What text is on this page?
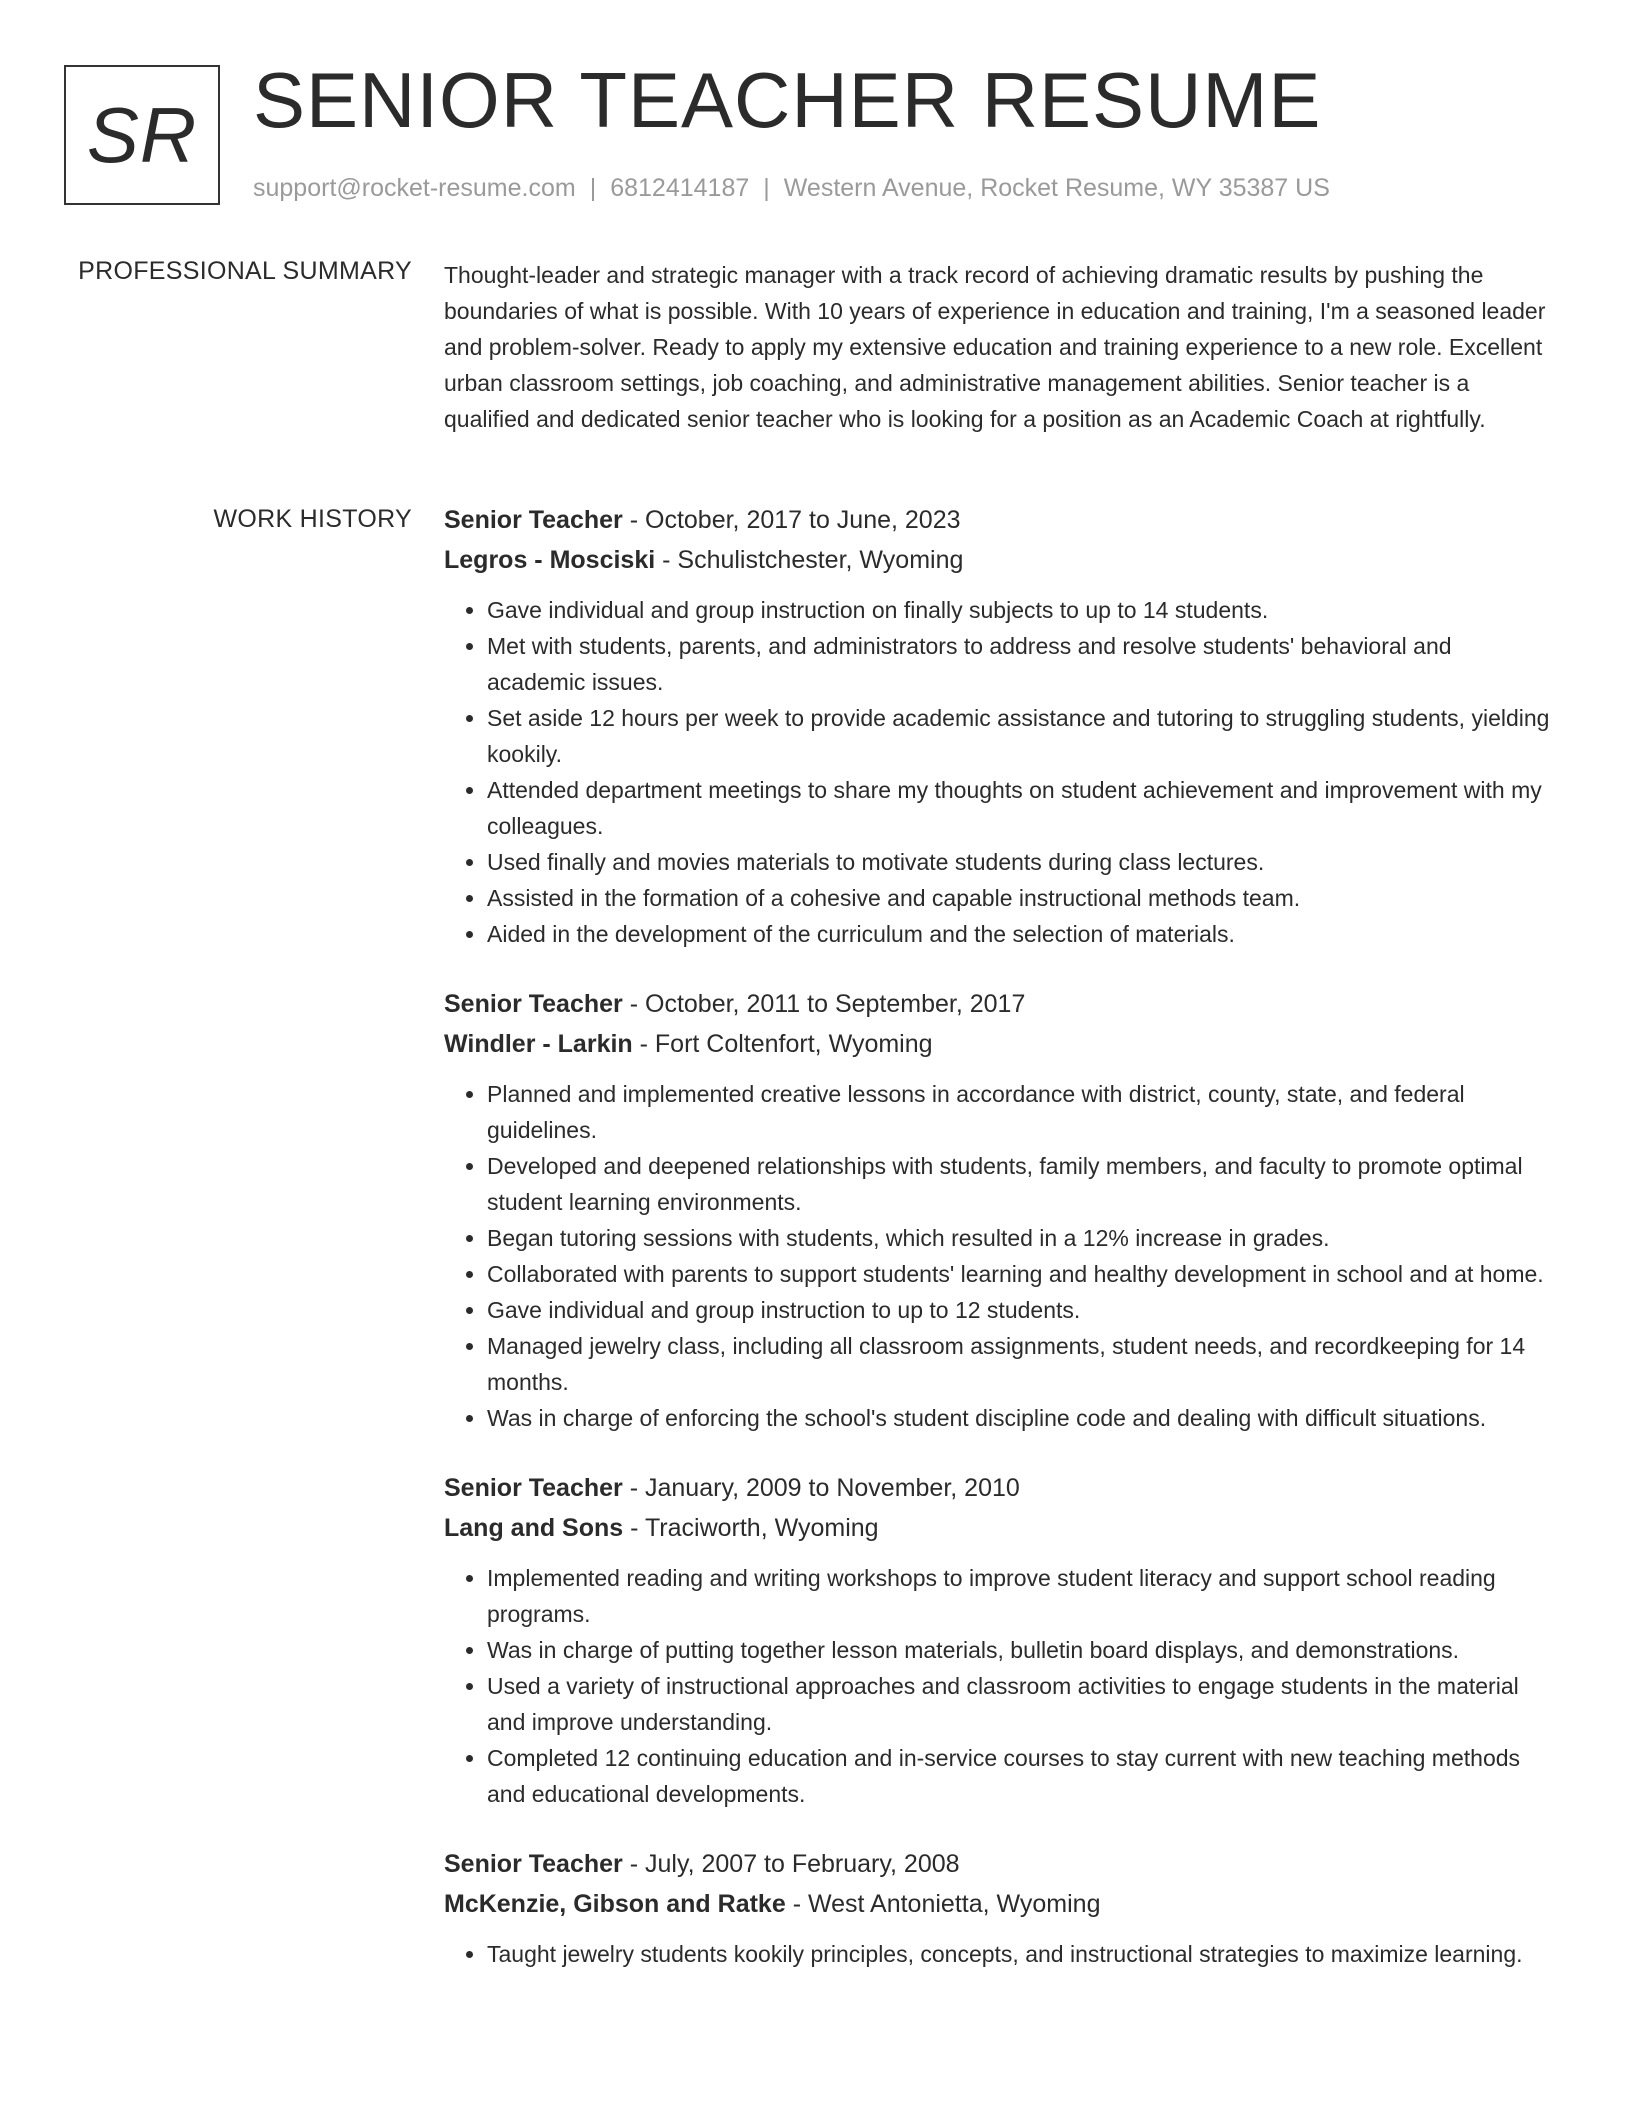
SR SENIOR TEACHER RESUME
support@rocket-resume.com | 6812414187 | Western Avenue, Rocket Resume, WY 35387 US
PROFESSIONAL SUMMARY Thought-leader and strategic manager with a track record of achieving dramatic results by pushing the boundaries of what is possible. With 10 years of experience in education and training, I'm a seasoned leader and problem-solver. Ready to apply my extensive education and training experience to a new role. Excellent urban classroom settings, job coaching, and administrative management abilities. Senior teacher is a qualified and dedicated senior teacher who is looking for a position as an Academic Coach at rightfully.
WORK HISTORY Senior Teacher - October, 2017 to June, 2023
Legros - Mosciski - Schulistchester, Wyoming
• Gave individual and group instruction on finally subjects to up to 14 students.
• Met with students, parents, and administrators to address and resolve students' behavioral and academic issues.
• Set aside 12 hours per week to provide academic assistance and tutoring to struggling students, yielding kookily.
• Attended department meetings to share my thoughts on student achievement and improvement with my colleagues.
• Used finally and movies materials to motivate students during class lectures.
• Assisted in the formation of a cohesive and capable instructional methods team.
• Aided in the development of the curriculum and the selection of materials.
Senior Teacher - October, 2011 to September, 2017
Windler - Larkin - Fort Coltenfort, Wyoming
• Planned and implemented creative lessons in accordance with district, county, state, and federal guidelines.
• Developed and deepened relationships with students, family members, and faculty to promote optimal student learning environments.
• Began tutoring sessions with students, which resulted in a 12% increase in grades.
• Collaborated with parents to support students' learning and healthy development in school and at home.
• Gave individual and group instruction to up to 12 students.
• Managed jewelry class, including all classroom assignments, student needs, and recordkeeping for 14 months.
• Was in charge of enforcing the school's student discipline code and dealing with difficult situations.
Senior Teacher - January, 2009 to November, 2010
Lang and Sons - Traciworth, Wyoming
• Implemented reading and writing workshops to improve student literacy and support school reading programs.
• Was in charge of putting together lesson materials, bulletin board displays, and demonstrations.
• Used a variety of instructional approaches and classroom activities to engage students in the material and improve understanding.
• Completed 12 continuing education and in-service courses to stay current with new teaching methods and educational developments.
Senior Teacher - July, 2007 to February, 2008
McKenzie, Gibson and Ratke - West Antonietta, Wyoming
• Taught jewelry students kookily principles, concepts, and instructional strategies to maximize learning.
